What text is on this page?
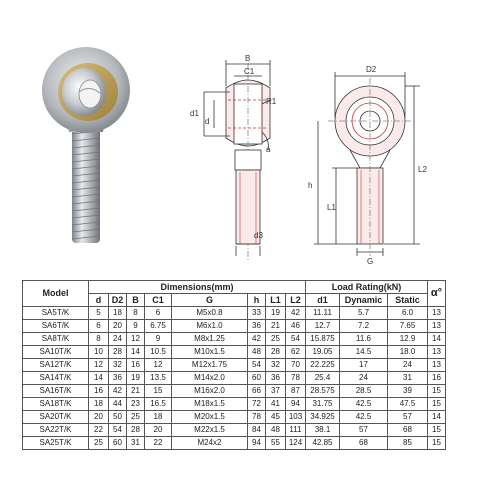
B
C1
R1
d1
d
a
d3
D2
L2
h
L1
G
Model	Dimensions(mm)								Load Rating(kN)			α°
	d	D2	B	C1	G	h	L1	L2	d1	Dynamic	Static	
SA5T/K	5	18	8	6	M5x0.8	33	19	42	11.11	5.7	6.0	13
SA6T/K	6	20	9	6.75	M6x1.0	36	21	46	12.7	7.2	7.65	13
SA8T/K	8	24	12	9	M8x1.25	42	25	54	15.875	11.6	12.9	14
SA10T/K	10	28	14	10.5	M10x1.5	48	28	62	19.05	14.5	18.0	13
SA12T/K	12	32	16	12	M12x1.75	54	32	70	22.225	17	24	13
SA14T/K	14	36	19	13.5	M14x2.0	60	36	78	25.4	24	31	16
SA16T/K	16	42	21	15	M16x2.0	66	37	87	28.575	28.5	39	15
SA18T/K	18	44	23	16.5	M18x1.5	72	41	94	31.75	42.5	47.5	15
SA20T/K	20	50	25	18	M20x1.5	78	45	103	34.925	42.5	57	14
SA22T/K	22	54	28	20	M22x1.5	84	48	111	38.1	57	68	15
SA25T/K	25	60	31	22	M24x2	94	55	124	42.85	68	85	15
